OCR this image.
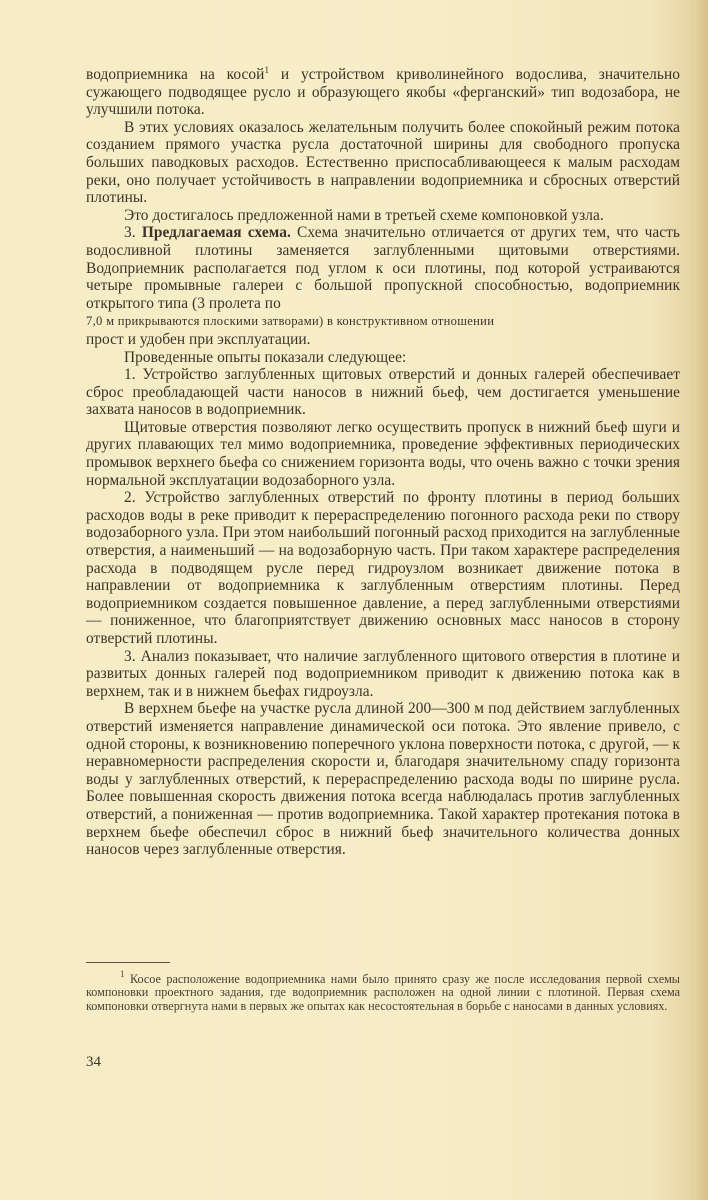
водоприемника на косой$^1$ и устройством криволинейного водослива, значительно сужающего подводящее русло и образующего якобы «ферганский» тип водозабора, не улучшили потока.

В этих условиях оказалось желательным получить более спокойный режим потока созданием прямого участка русла достаточной ширины для свободного пропуска больших паводковых расходов. Естественно приспосабливающееся к малым расходам реки, оно получает устойчивость в направлении водоприемника и сбросных отверстий плотины.

Это достигалось предложенной нами в третьей схеме компоновкой узла.

3. Предлагаемая схема. Схема значительно отличается от других тем, что часть водосливной плотины заменяется заглубленными щитовыми отверстиями. Водоприемник располагается под углом к оси плотины, под которой устраиваются четыре промывные галереи с большой пропускной способностью, водоприемник открытого типа (3 пролета по
7,0 м прикрываются плоскими затворами) в конструктивном отношении
прост и удобен при эксплуатации.

Проведенные опыты показали следующее:

1. Устройство заглубленных щитовых отверстий и донных галерей обеспечивает сброс преобладающей части наносов в нижний бьеф, чем достигается уменьшение захвата наносов в водоприемник.

Щитовые отверстия позволяют легко осуществить пропуск в нижний бьеф шуги и других плавающих тел мимо водоприемника, проведение эффективных периодических промывок верхнего бьефа со снижением горизонта воды, что очень важно с точки зрения нормальной эксплуатации водозаборного узла.

2. Устройство заглубленных отверстий по фронту плотины в период больших расходов воды в реке приводит к перераспределению погонного расхода реки по створу водозаборного узла. При этом наибольший погонный расход приходится на заглубленные отверстия, а наименьший — на водозаборную часть. При таком характере распределения расхода в подводящем русле перед гидроузлом возникает движение потока в направлении от водоприемника к заглубленным отверстиям плотины. Перед водоприемником создается повышенное давление, а перед заглубленными отверстиями — пониженное, что благоприятствует движению основных масс наносов в сторону отверстий плотины.

3. Анализ показывает, что наличие заглубленного щитового отверстия в плотине и развитых донных галерей под водоприемником приводит к движению потока как в верхнем, так и в нижнем бьефах гидроузла.

В верхнем бьефе на участке русла длиной 200—300 м под действием заглубленных отверстий изменяется направление динамической оси потока. Это явление привело, с одной стороны, к возникновению поперечного уклона поверхности потока, с другой, — к неравномерности распределения скорости и, благодаря значительному спаду горизонта воды у заглубленных отверстий, к перераспределению расхода воды по ширине русла. Более повышенная скорость движения потока всегда наблюдалась против заглубленных отверстий, а пониженная — против водоприемника. Такой характер протекания потока в верхнем бьефе обеспечил сброс в нижний бьеф значительного количества донных наносов через заглубленные отверстия.

$^1$ Косое расположение водоприемника нами было принято сразу же после исследования первой схемы компоновки проектного задания, где водоприемник расположен на одной линии с плотиной. Первая схема компоновки отвергнута нами в первых же опытах как несостоятельная в борьбе с наносами в данных условиях.
34
